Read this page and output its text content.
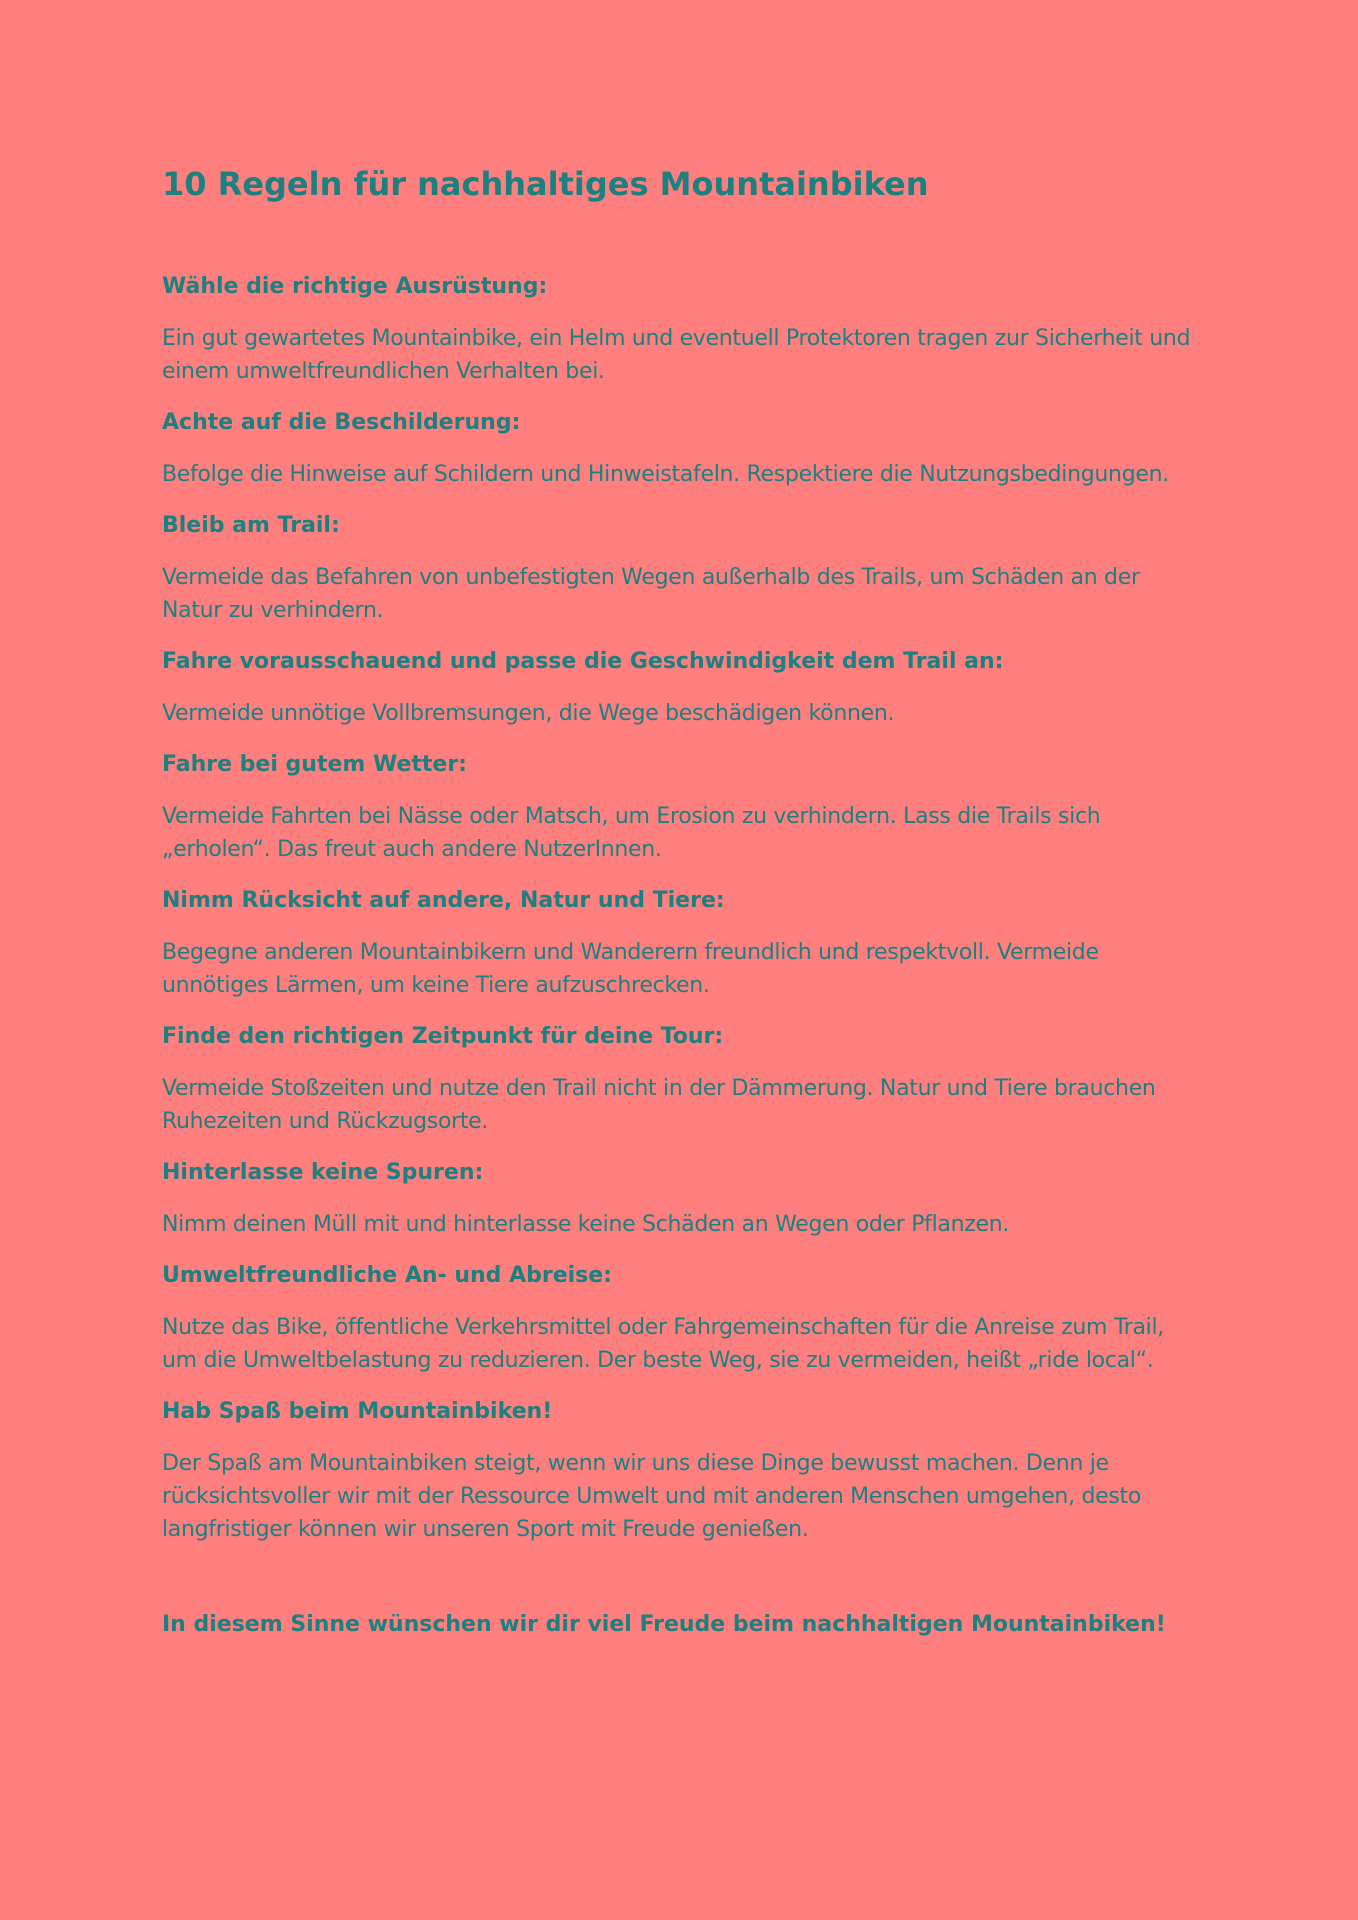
10 Regeln für nachhaltiges Mountainbiken
Wähle die richtige Ausrüstung:

Ein gut gewartetes Mountainbike, ein Helm und eventuell Protektoren tragen zur Sicherheit und einem umweltfreundlichen Verhalten bei.

Achte auf die Beschilderung:

Befolge die Hinweise auf Schildern und Hinweistafeln. Respektiere die Nutzungsbedingungen.

Bleib am Trail:

Vermeide das Befahren von unbefestigten Wegen außerhalb des Trails, um Schäden an der Natur zu verhindern.

Fahre vorausschauend und passe die Geschwindigkeit dem Trail an:

Vermeide unnötige Vollbremsungen, die Wege beschädigen können.

Fahre bei gutem Wetter:

Vermeide Fahrten bei Nässe oder Matsch, um Erosion zu verhindern. Lass die Trails sich „erholen“. Das freut auch andere NutzerInnen.

Nimm Rücksicht auf andere, Natur und Tiere:

Begegne anderen Mountainbikern und Wanderern freundlich und respektvoll. Vermeide unnötiges Lärmen, um keine Tiere aufzuschrecken.

Finde den richtigen Zeitpunkt für deine Tour:

Vermeide Stoßzeiten und nutze den Trail nicht in der Dämmerung. Natur und Tiere brauchen Ruhezeiten und Rückzugsorte.

Hinterlasse keine Spuren:

Nimm deinen Müll mit und hinterlasse keine Schäden an Wegen oder Pflanzen.

Umweltfreundliche An- und Abreise:

Nutze das Bike, öffentliche Verkehrsmittel oder Fahrgemeinschaften für die Anreise zum Trail, um die Umweltbelastung zu reduzieren. Der beste Weg, sie zu vermeiden, heißt „ride local“.

Hab Spaß beim Mountainbiken!

Der Spaß am Mountainbiken steigt, wenn wir uns diese Dinge bewusst machen. Denn je rücksichtsvoller wir mit der Ressource Umwelt und mit anderen Menschen umgehen, desto langfristiger können wir unseren Sport mit Freude genießen.

In diesem Sinne wünschen wir dir viel Freude beim nachhaltigen Mountainbiken!
